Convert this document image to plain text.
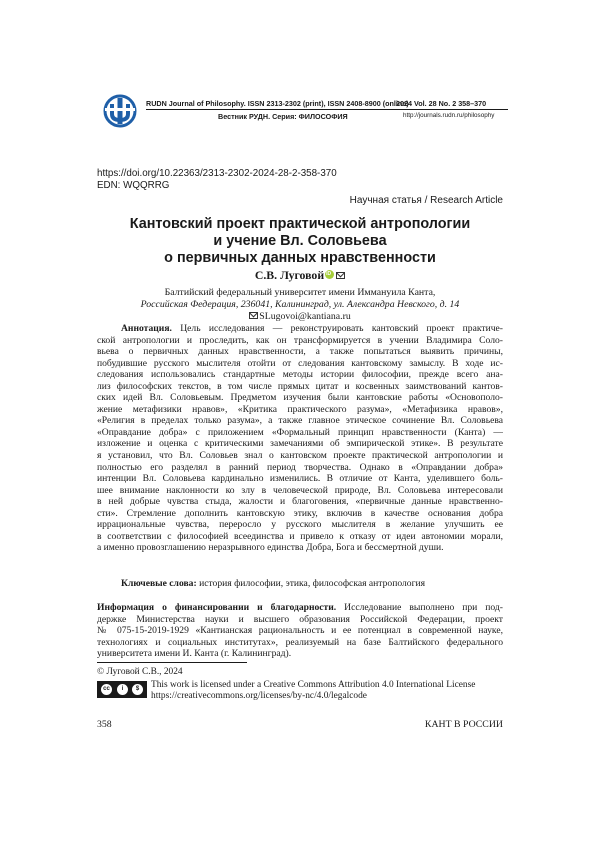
RUDN Journal of Philosophy. ISSN 2313-2302 (print), ISSN 2408-8900 (online)
Вестник РУДН. Серия: ФИЛОСОФИЯ
2024 Vol. 28 No. 2 358–370
http://journals.rudn.ru/philosophy
https://doi.org/10.22363/2313-2302-2024-28-2-358-370
EDN: WQQRRG
Научная статья / Research Article
Кантовский проект практической антропологии
и учение Вл. Соловьева
о первичных данных нравственности
С.В. ЛуговойiD
Балтийский федеральный университет имени Иммануила Канта,
Российская Федерация, 236041, Калининград, ул. Александра Невского, д. 14
SLugovoi@kantiana.ru
Аннотация. Цель исследования — реконструировать кантовский проект практиче-
ской антропологии и проследить, как он трансформируется в учении Владимира Соло-
вьева о первичных данных нравственности, а также попытаться выявить причины,
побудившие русского мыслителя отойти от следования кантовскому замыслу. В ходе ис-
следования использовались стандартные методы истории философии, прежде всего ана-
лиз философских текстов, в том числе прямых цитат и косвенных заимствований кантов-
ских идей Вл. Соловьевым. Предметом изучения были кантовские работы «Основополо-
жение метафизики нравов», «Критика практического разума», «Метафизика нравов»,
«Религия в пределах только разума», а также главное этическое сочинение Вл. Соловьева
«Оправдание добра» с приложением «Формальный принцип нравственности (Канта) —
изложение и оценка с критическими замечаниями об эмпирической этике». В результате
я установил, что Вл. Соловьев знал о кантовском проекте практической антропологии и
полностью его разделял в ранний период творчества. Однако в «Оправдании добра»
интенции Вл. Соловьева кардинально изменились. В отличие от Канта, уделившего боль-
шее внимание наклонности ко злу в человеческой природе, Вл. Соловьева интересовали
в ней добрые чувства стыда, жалости и благоговения, «первичные данные нравственно-
сти». Стремление дополнить кантовскую этику, включив в качестве основания добра
иррациональные чувства, переросло у русского мыслителя в желание улучшить ее
в соответствии с философией всеединства и привело к отказу от идеи автономии морали,
а именно провозглашению неразрывного единства Добра, Бога и бессмертной души.
Ключевые слова: история философии, этика, философская антропология
Информация о финансировании и благодарности. Исследование выполнено при под-
держке Министерства науки и высшего образования Российской Федерации, проект
№ 075-15-2019-1929 «Кантианская рациональность и ее потенциал в современной науке,
технологиях и социальных институтах», реализуемый на базе Балтийского федерального
университета имени И. Канта (г. Калининград).
© Луговой С.В., 2024
cc	i	$	This work is licensed under a Creative Commons Attribution 4.0 International License
https://creativecommons.org/licenses/by-nc/4.0/legalcode
358	КАНТ В РОССИИ
